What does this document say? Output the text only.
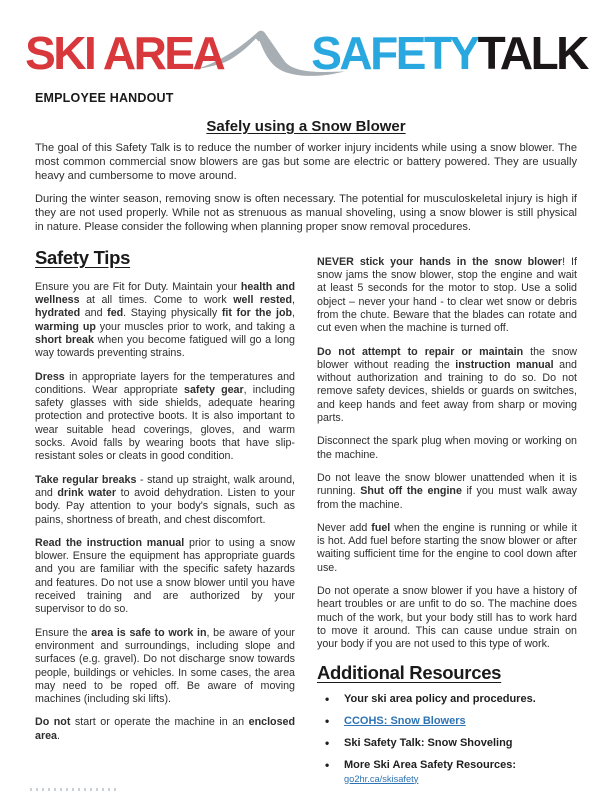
SKI AREA SAFETY TALK
EMPLOYEE HANDOUT
Safely using a Snow Blower

The goal of this Safety Talk is to reduce the number of worker injury incidents while using a snow blower. The most common commercial snow blowers are gas but some are electric or battery powered. They are usually heavy and cumbersome to move around.

During the winter season, removing snow is often necessary. The potential for musculoskeletal injury is high if they are not used properly. While not as strenuous as manual shoveling, using a snow blower is still physical in nature. Please consider the following when planning proper snow removal procedures.

Safety Tips

Ensure you are Fit for Duty. Maintain your health and wellness at all times. Come to work well rested, hydrated and fed. Staying physically fit for the job, warming up your muscles prior to work, and taking a short break when you become fatigued will go a long way towards preventing strains.

Dress in appropriate layers for the temperatures and conditions. Wear appropriate safety gear, including safety glasses with side shields, adequate hearing protection and protective boots. It is also important to wear suitable head coverings, gloves, and warm socks. Avoid falls by wearing boots that have slip-resistant soles or cleats in good condition.

Take regular breaks - stand up straight, walk around, and drink water to avoid dehydration. Listen to your body. Pay attention to your body's signals, such as pains, shortness of breath, and chest discomfort.

Read the instruction manual prior to using a snow blower. Ensure the equipment has appropriate guards and you are familiar with the specific safety hazards and features. Do not use a snow blower until you have received training and are authorized by your supervisor to do so.

Ensure the area is safe to work in, be aware of your environment and surroundings, including slope and surfaces (e.g. gravel). Do not discharge snow towards people, buildings or vehicles. In some cases, the area may need to be roped off. Be aware of moving machines (including ski lifts).

Do not start or operate the machine in an enclosed area.

NEVER stick your hands in the snow blower! If snow jams the snow blower, stop the engine and wait at least 5 seconds for the motor to stop. Use a solid object – never your hand - to clear wet snow or debris from the chute. Beware that the blades can rotate and cut even when the machine is turned off.

Do not attempt to repair or maintain the snow blower without reading the instruction manual and without authorization and training to do so. Do not remove safety devices, shields or guards on switches, and keep hands and feet away from sharp or moving parts.

Disconnect the spark plug when moving or working on the machine.

Do not leave the snow blower unattended when it is running. Shut off the engine if you must walk away from the machine.

Never add fuel when the engine is running or while it is hot. Add fuel before starting the snow blower or after waiting sufficient time for the engine to cool down after use.

Do not operate a snow blower if you have a history of heart troubles or are unfit to do so. The machine does much of the work, but your body still has to work hard to move it around. This can cause undue strain on your body if you are not used to this type of work.

Additional Resources
• Your ski area policy and procedures.
• CCOHS: Snow Blowers
• Ski Safety Talk: Snow Shoveling
• More Ski Area Safety Resources: go2hr.ca/skisafety
